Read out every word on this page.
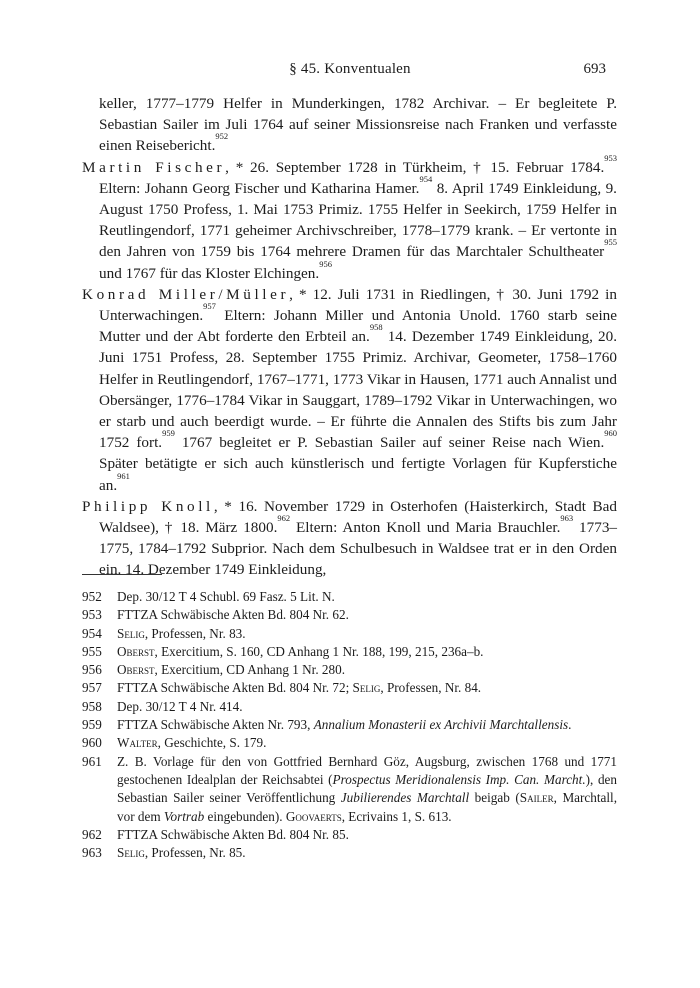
§ 45. Konventualen	693

keller, 1777–1779 Helfer in Munderkingen, 1782 Archivar. – Er begleitete P. Sebastian Sailer im Juli 1764 auf seiner Missionsreise nach Franken und verfasste einen Reisebericht.$^{952}$

Martin Fischer, * 26. September 1728 in Türkheim, † 15. Februar 1784.$^{953}$ Eltern: Johann Georg Fischer und Katharina Hamer.$^{954}$ 8. April 1749 Einkleidung, 9. August 1750 Profess, 1. Mai 1753 Primiz. 1755 Helfer in Seekirch, 1759 Helfer in Reutlingendorf, 1771 geheimer Archivschreiber, 1778–1779 krank. – Er vertonte in den Jahren von 1759 bis 1764 mehrere Dramen für das Marchtaler Schultheater$^{955}$ und 1767 für das Kloster Elchingen.$^{956}$

Konrad Miller/Müller, * 12. Juli 1731 in Riedlingen, † 30. Juni 1792 in Unterwachingen.$^{957}$ Eltern: Johann Miller und Antonia Unold. 1760 starb seine Mutter und der Abt forderte den Erbteil an.$^{958}$ 14. Dezember 1749 Einkleidung, 20. Juni 1751 Profess, 28. September 1755 Primiz. Archivar, Geometer, 1758–1760 Helfer in Reutlingendorf, 1767–1771, 1773 Vikar in Hausen, 1771 auch Annalist und Obersänger, 1776–1784 Vikar in Sauggart, 1789–1792 Vikar in Unterwachingen, wo er starb und auch beerdigt wurde. – Er führte die Annalen des Stifts bis zum Jahr 1752 fort.$^{959}$ 1767 begleitet er P. Sebastian Sailer auf seiner Reise nach Wien.$^{960}$ Später betätigte er sich auch künstlerisch und fertigte Vorlagen für Kupferstiche an.$^{961}$

Philipp Knoll, * 16. November 1729 in Osterhofen (Haisterkirch, Stadt Bad Waldsee), † 18. März 1800.$^{962}$ Eltern: Anton Knoll und Maria Brauchler.$^{963}$ 1773–1775, 1784–1792 Subprior. Nach dem Schulbesuch in Waldsee trat er in den Orden ein. 14. Dezember 1749 Einkleidung,

952 Dep. 30/12 T 4 Schubl. 69 Fasz. 5 Lit. N.
953 FTTZA Schwäbische Akten Bd. 804 Nr. 62.
954 Selig, Professen, Nr. 83.
955 Oberst, Exercitium, S. 160, CD Anhang 1 Nr. 188, 199, 215, 236a–b.
956 Oberst, Exercitium, CD Anhang 1 Nr. 280.
957 FTTZA Schwäbische Akten Bd. 804 Nr. 72; Selig, Professen, Nr. 84.
958 Dep. 30/12 T 4 Nr. 414.
959 FTTZA Schwäbische Akten Nr. 793, Annalium Monasterii ex Archivii Marchtallensis.
960 Walter, Geschichte, S. 179.
961 Z. B. Vorlage für den von Gottfried Bernhard Göz, Augsburg, zwischen 1768 und 1771 gestochenen Idealplan der Reichsabtei (Prospectus Meridionalensis Imp. Can. Marcht.), den Sebastian Sailer seiner Veröffentlichung Jubilierendes Marchtall beigab (Sailer, Marchtall, vor dem Vortrab eingebunden). Goovaerts, Ecrivains 1, S. 613.
962 FTTZA Schwäbische Akten Bd. 804 Nr. 85.
963 Selig, Professen, Nr. 85.
